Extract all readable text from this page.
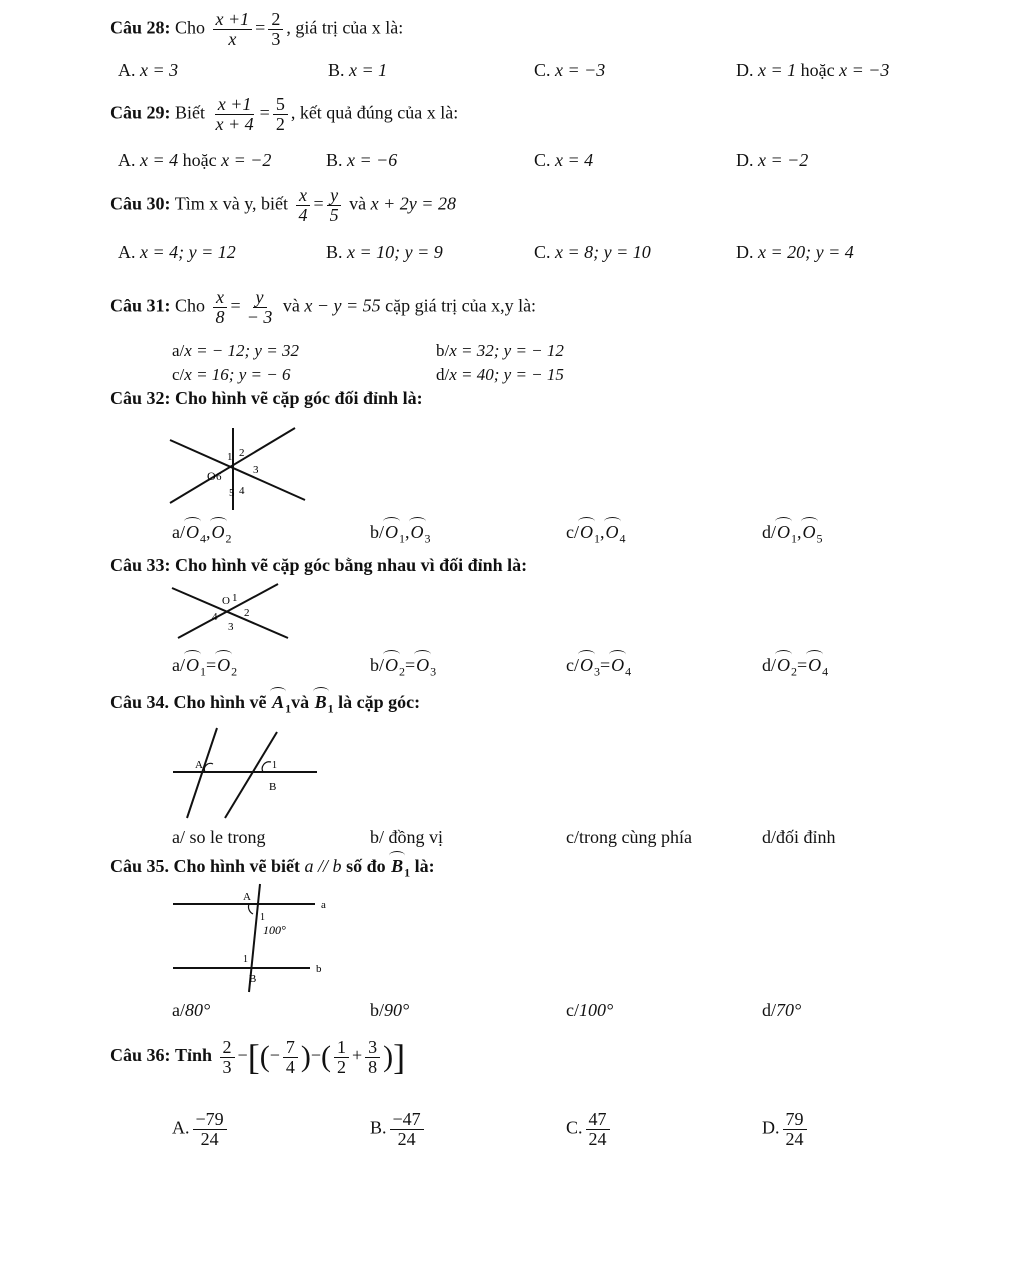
Câu 28: Cho $\frac{x +1}{x} = \frac{2}{3}$ , giá trị của x là:
A. x = 3	B. x = 1	C. x = −3	D. x = 1 hoặc x = −3
Câu 29: Biết $\frac{x +1}{x + 4} = \frac{5}{2}$ , kết quả đúng của x là:
A. x = 4 hoặc x = −2	B. x = −6	C. x = 4	D. x = −2
Câu 30: Tìm x và y, biết $\frac{x}{4} = \frac{y}{5}$ và x + 2y = 28
A. x = 4; y = 12	B. x = 10; y = 9	C. x = 8; y = 10	D. x = 20; y = 4
Câu 31: Cho $\frac{x}{8} = \frac{y}{- 3}$ và x − y = 55 cặp giá trị của x,y là:
a/x = − 12; y = 32	b/x = 32; y = − 12
c/x = 16; y = − 6	d/x = 40; y = − 15
Câu 32: Cho hình vẽ cặp góc đối đỉnh là:
O
1 2
3
4
5
6
$a/O_4,O_2$	$b/O_1,O_3$	$c/O_1,O_4$	$d/O_1,O_5$
Câu 33: Cho hình vẽ cặp góc bằng nhau vì đối đỉnh là:
O 1
2
3
4
$a/O_1=O_2$	$b/O_2=O_3$	$c/O_3=O_4$	$d/O_2=O_4$
Câu 34. Cho hình vẽ $A_1và$ $B_1$ là cặp góc:
A
B
1
a/ so le trong	b/ đồng vị	c/trong cùng phía	d/đối đỉnh
Câu 35. Cho hình vẽ biết a // b số đo $B_1$ là:
A
B
a
b
1
100°
1
a/80°	b/90°	c/100°	d/70°
Câu 36: Tỉnh $\frac{2}{3}$ −[(− $\frac{7}{4}$ )−( $\frac{1}{2} + \frac{3}{8}$ )]
A. $\frac{-79}{24}$	B. $\frac{-47}{24}$	C. $\frac{47}{24}$	D. $\frac{79}{24}$
